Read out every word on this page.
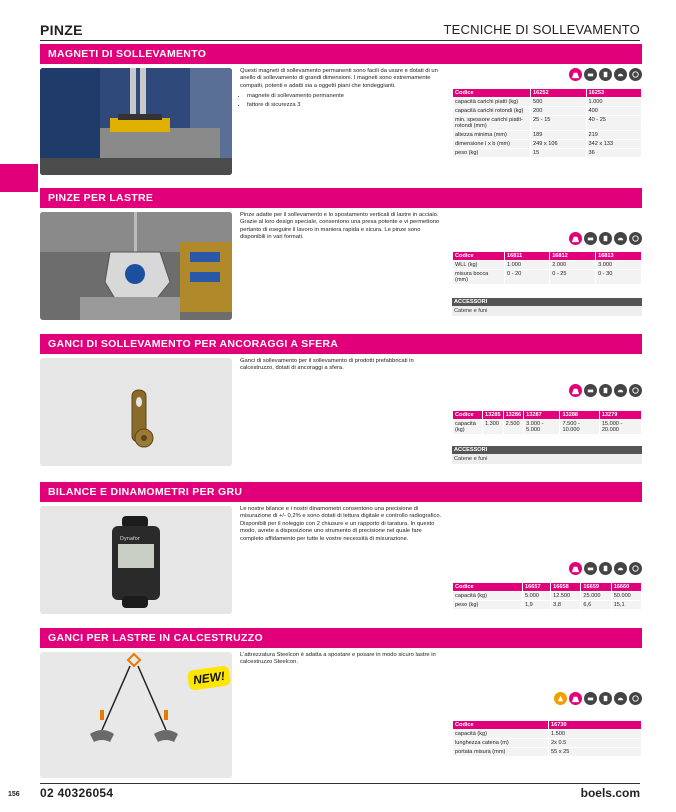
PINZE	TECNICHE DI SOLLEVAMENTO
MAGNETI DI SOLLEVAMENTO
Questi magneti di sollevamento permanenti sono facili da usare e dotati di un anello di sollevamento di grandi dimensioni. I magneti sono estremamente compatti, potenti e adatti sia a oggetti piani che tondeggianti.
• magnete di sollevamento permanente
• fattore di sicurezza 3
Codice	16252	16253
capacità carichi piatti (kg)	500	1.000
capacità carichi rotondi (kg)	200	400
min. spessore carichi piatti-rotondi (mm)	25 - 15	40 - 25
altezza minima (mm)	189	219
dimensione l x b (mm)	249 x 106	342 x 133
peso (kg)	15	36
PINZE PER LASTRE
Pinze adatte per il sollevamento e lo spostamento verticali di lastre in acciaio. Grazie al loro design speciale, consentono una presa potente e vi permettono pertanto di eseguire il lavoro in maniera rapida e sicura. Le pinze sono disponibili in vari formati.
Codice	16811	16812	16813
WLL (kg)	1.000	2.000	3.000
misura bocca (mm)	0 - 20	0 - 25	0 - 30
ACCESSORI
Catene e funi
GANCI DI SOLLEVAMENTO PER ANCORAGGI A SFERA
Ganci di sollevamento per il sollevamento di prodotti prefabbricati in calcestruzzo, dotati di ancoraggi a sfera.
Codice	13285	13286	13287	13288	13279
capacità (kg)	1.300	2.500	3.000 - 5.000	7.500 - 10.000	15.000 - 20.000
ACCESSORI
Catene e funi
BILANCE E DINAMOMETRI PER GRU
Dynafor
Le nostre bilance e i nostri dinamometri consentono una precisione di misurazione di +/- 0,2% e sono dotati di lettura digitale e controllo radiografico. Disponibili per il noleggio con 2 chiusure e un rapporto di taratura. In questo modo, avrete a disposizione uno strumento di precisione nel quale fare completo affidamento per tutte le vostre necessità di misurazione.
Codice	16657	16658	16659	16660
capacità (kg)	5.000	12.500	25.000	50.000
peso (kg)	1,9	3,8	6,6	15,1
GANCI PER LASTRE IN CALCESTRUZZO
NEW!
L'attrezzatura Steelcon è adatta a spostare e posare in modo sicuro lastre in calcestruzzo Steelcon.
Codice	16730
capacità (kg)	1.500
lunghezza catena (m)	2x 0.5
portata misura (mm)	55 x 25
156 02 40326054	boels.com
